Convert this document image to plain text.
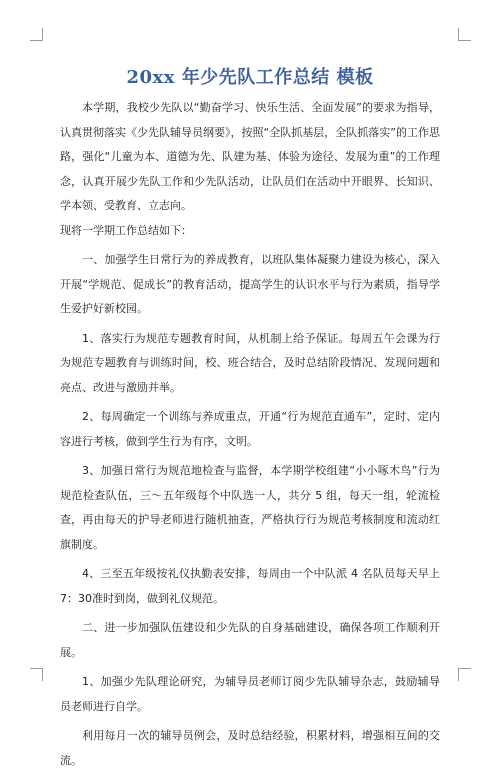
20xx 年少先队工作总结 模板

本学期，我校少先队以“勤奋学习、快乐生活、全面发展”的要求为指导，认真贯彻落实《少先队辅导员纲要》，按照“全队抓基层，全队抓落实”的工作思路，强化“儿童为本、道德为先、队建为基、体验为途径、发展为重”的工作理念，认真开展少先队工作和少先队活动，让队员们在活动中开眼界、长知识、学本领、受教育、立志向。

现将一学期工作总结如下：

一、加强学生日常行为的养成教育，以班队集体凝聚力建设为核心，深入开展“学规范、促成长”的教育活动，提高学生的认识水平与行为素质，指导学生爱护好新校园。

1、落实行为规范专题教育时间，从机制上给予保证。每周五午会课为行为规范专题教育与训练时间，校、班合结合，及时总结阶段情况、发现问题和亮点、改进与激励并举。

2、每周确定一个训练与养成重点，开通“行为规范直通车”，定时、定内容进行考核，做到学生行为有序，文明。

3、加强日常行为规范地检查与监督，本学期学校组建“小小啄木鸟”行为规范检查队伍，三～五年级每个中队选一人，共分 5 组，每天一组，轮流检查，再由每天的护导老师进行随机抽查，严格执行行为规范考核制度和流动红旗制度。

4、三至五年级按礼仪执勤表安排，每周由一个中队派 4 名队员每天早上 7：30准时到岗，做到礼仪规范。

二、进一步加强队伍建设和少先队的自身基础建设，确保各项工作顺利开展。

1、加强少先队理论研究，为辅导员老师订阅少先队辅导杂志，鼓励辅导员老师进行自学。

利用每月一次的辅导员例会，及时总结经验，积累材料，增强相互间的交流。
